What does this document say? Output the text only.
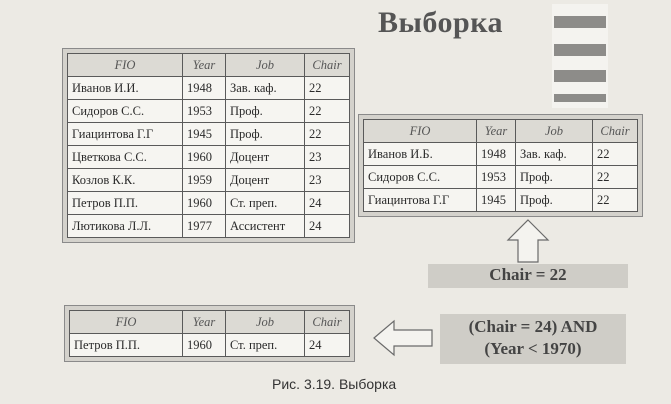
Выборка
FIO	Year	Job	Chair
Иванов И.И.	1948	Зав. каф.	22
Сидоров С.С.	1953	Проф.	22
Гиацинтова Г.Г	1945	Проф.	22
Цветкова С.С.	1960	Доцент	23
Козлов К.К.	1959	Доцент	23
Петров П.П.	1960	Ст. преп.	24
Лютикова Л.Л.	1977	Ассистент	24
FIO	Year	Job	Chair
Иванов И.Б.	1948	Зав. каф.	22
Сидоров С.С.	1953	Проф.	22
Гиацинтова Г.Г	1945	Проф.	22
Chair = 22
FIO	Year	Job	Chair
Петров П.П.	1960	Ст. преп.	24
(Chair = 24) AND
(Year < 1970)
Рис. 3.19. Выборка
